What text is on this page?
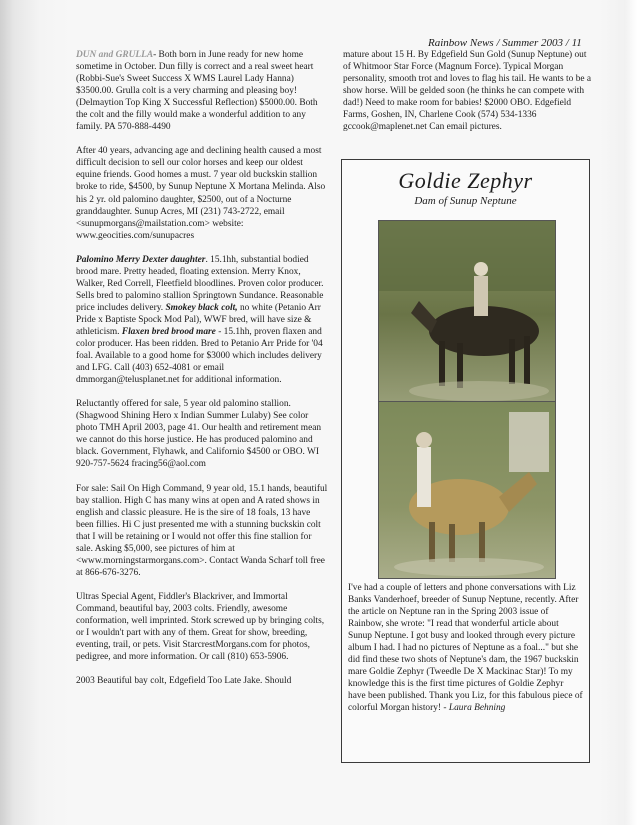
Rainbow News / Summer 2003 / 11

DUN and GRULLA- Both born in June ready for new home sometime in October. Dun filly is correct and a real sweet heart (Robbi-Sue's Sweet Success X WMS Laurel Lady Hanna) $3500.00. Grulla colt is a very charming and pleasing boy! (Delmaytion Top King X Successful Reflection) $5000.00. Both the colt and the filly would make a wonderful addition to any family. PA 570-888-4490

After 40 years, advancing age and declining health caused a most difficult decision to sell our color horses and keep our oldest equine friends. Good homes a must. 7 year old buckskin stallion broke to ride, $4500, by Sunup Neptune X Mortana Melinda. Also his 2 yr. old palomino daughter, $2500, out of a Nocturne granddaughter. Sunup Acres, MI (231) 743-2722, email <sunupmorgans@mailstation.com> website: www.geocities.com/sunupacres

Palomino Merry Dexter daughter. 15.1hh, substantial bodied brood mare. Pretty headed, floating extension. Merry Knox, Walker, Red Correll, Fleetfield bloodlines. Proven color producer. Sells bred to palomino stallion Springtown Sundance. Reasonable price includes delivery. Smokey black colt, no white (Petanio Arr Pride x Baptiste Spock Mod Pal), WWF bred, will have size & athleticism. Flaxen bred brood mare - 15.1hh, proven flaxen and color producer. Has been ridden. Bred to Petanio Arr Pride for '04 foal. Available to a good home for $3000 which includes delivery and LFG. Call (403) 652-4081 or email dmmorgan@telusplanet.net for additional information.

Reluctantly offered for sale, 5 year old palomino stallion. (Shagwood Shining Hero x Indian Summer Lulaby) See color photo TMH April 2003, page 41. Our health and retirement mean we cannot do this horse justice. He has produced palomino and black. Government, Flyhawk, and Californio $4500 or OBO. WI 920-757-5624 fracing56@aol.com

For sale: Sail On High Command, 9 year old, 15.1 hands, beautiful bay stallion. High C has many wins at open and A rated shows in english and classic pleasure. He is the sire of 18 foals, 13 have been fillies. Hi C just presented me with a stunning buckskin colt that I will be retaining or I would not offer this fine stallion for sale. Asking $5,000, see pictures of him at <www.morningstarmorgans.com>. Contact Wanda Scharf toll free at 866-676-3276.

Ultras Special Agent, Fiddler's Blackriver, and Immortal Command, beautiful bay, 2003 colts. Friendly, awesome conformation, well imprinted. Stork screwed up by bringing colts, or I wouldn't part with any of them. Great for show, breeding, eventing, trail, or pets. Visit StarcrestMorgans.com for photos, pedigree, and more information. Or call (810) 653-5906.

2003 Beautiful bay colt, Edgefield Too Late Jake. Should

mature about 15 H. By Edgefield Sun Gold (Sunup Neptune) out of Whitmoor Star Force (Magnum Force). Typical Morgan personality, smooth trot and loves to flag his tail. He wants to be a show horse. Will be gelded soon (he thinks he can compete with dad!) Need to make room for babies! $2000 OBO. Edgefield Farms, Goshen, IN, Charlene Cook (574) 534-1336 gccook@maplenet.net Can email pictures.

Goldie Zephyr
Dam of Sunup Neptune
I've had a couple of letters and phone conversations with Liz Banks Vanderhoef, breeder of Sunup Neptune, recently. After the article on Neptune ran in the Spring 2003 issue of Rainbow, she wrote: "I read that wonderful article about Sunup Neptune. I got busy and looked through every picture album I had. I had no pictures of Neptune as a foal..." but she did find these two shots of Neptune's dam, the 1967 buckskin mare Goldie Zephyr (Tweedle De X Mackinac Star)! To my knowledge this is the first time pictures of Goldie Zephyr have been published. Thank you Liz, for this fabulous piece of colorful Morgan history! - Laura Behning
